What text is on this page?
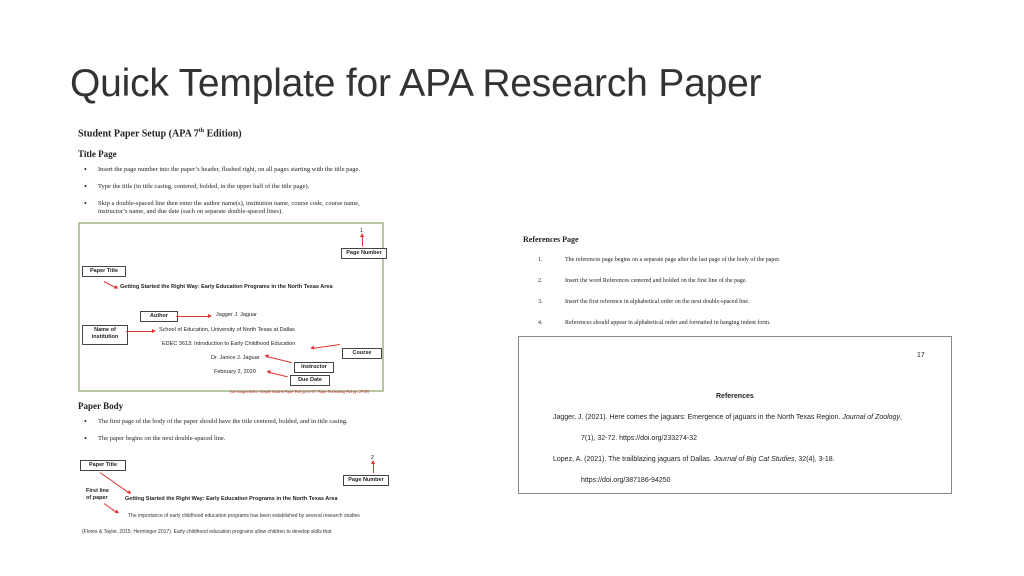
Quick Template for APA Research Paper
Student Paper Setup (APA 7th Edition)
Title Page
• Insert the page number into the paper’s header, flushed right, on all pages starting with the title page.
• Type the title (in title casing, centered, bolded, in the upper half of the title page).
• Skip a double-spaced line then enter the author name(s), institution name, course code, course name, instructor’s name, and due date (each on separate double-spaced lines).
1
Page Number
Paper Title
Getting Started the Right Way: Early Education Programs in the North Texas Area
Author	Jagger J. Jaguar
Name of institution
School of Education, University of North Texas at Dallas
EDEC 3613: Introduction to Early Childhood Education
Course
Dr. Janice J. Jaguar
Instructor
February 2, 2020
Due Date
(see images below: Sample Student Paper Pub pp 61-67; Paper Formatting Pub pp. 29-49)
Paper Body
• The first page of the body of the paper should have the title centered, bolded, and in title casing.
• The paper begins on the next double-spaced line.
Paper Title
2
Page Number
First line of paper	Getting Started the Right Way: Early Education Programs in the North Texas Area
The importance of early childhood education programs has been established by several research studies
(Flores & Taylor, 2015; Herminger 2017). Early childhood education programs allow children to develop skills that
References Page
1.	The references page begins on a separate page after the last page of the body of the paper.
2.	Insert the word References centered and bolded on the first line of the page.
3.	Insert the first reference in alphabetical order on the next double-spaced line.
4.	References should appear in alphabetical order and formatted in hanging indent form.
17
References
Jagger, J. (2021). Here comes the jaguars: Emergence of jaguars in the North Texas Region. Journal of Zoology,
7(1), 32-72. https://doi.org/233274-32
Lopez, A. (2021). The trailblazing jaguars of Dallas. Journal of Big Cat Studies, 32(4), 3-18.
https://doi.org/387186-94250
